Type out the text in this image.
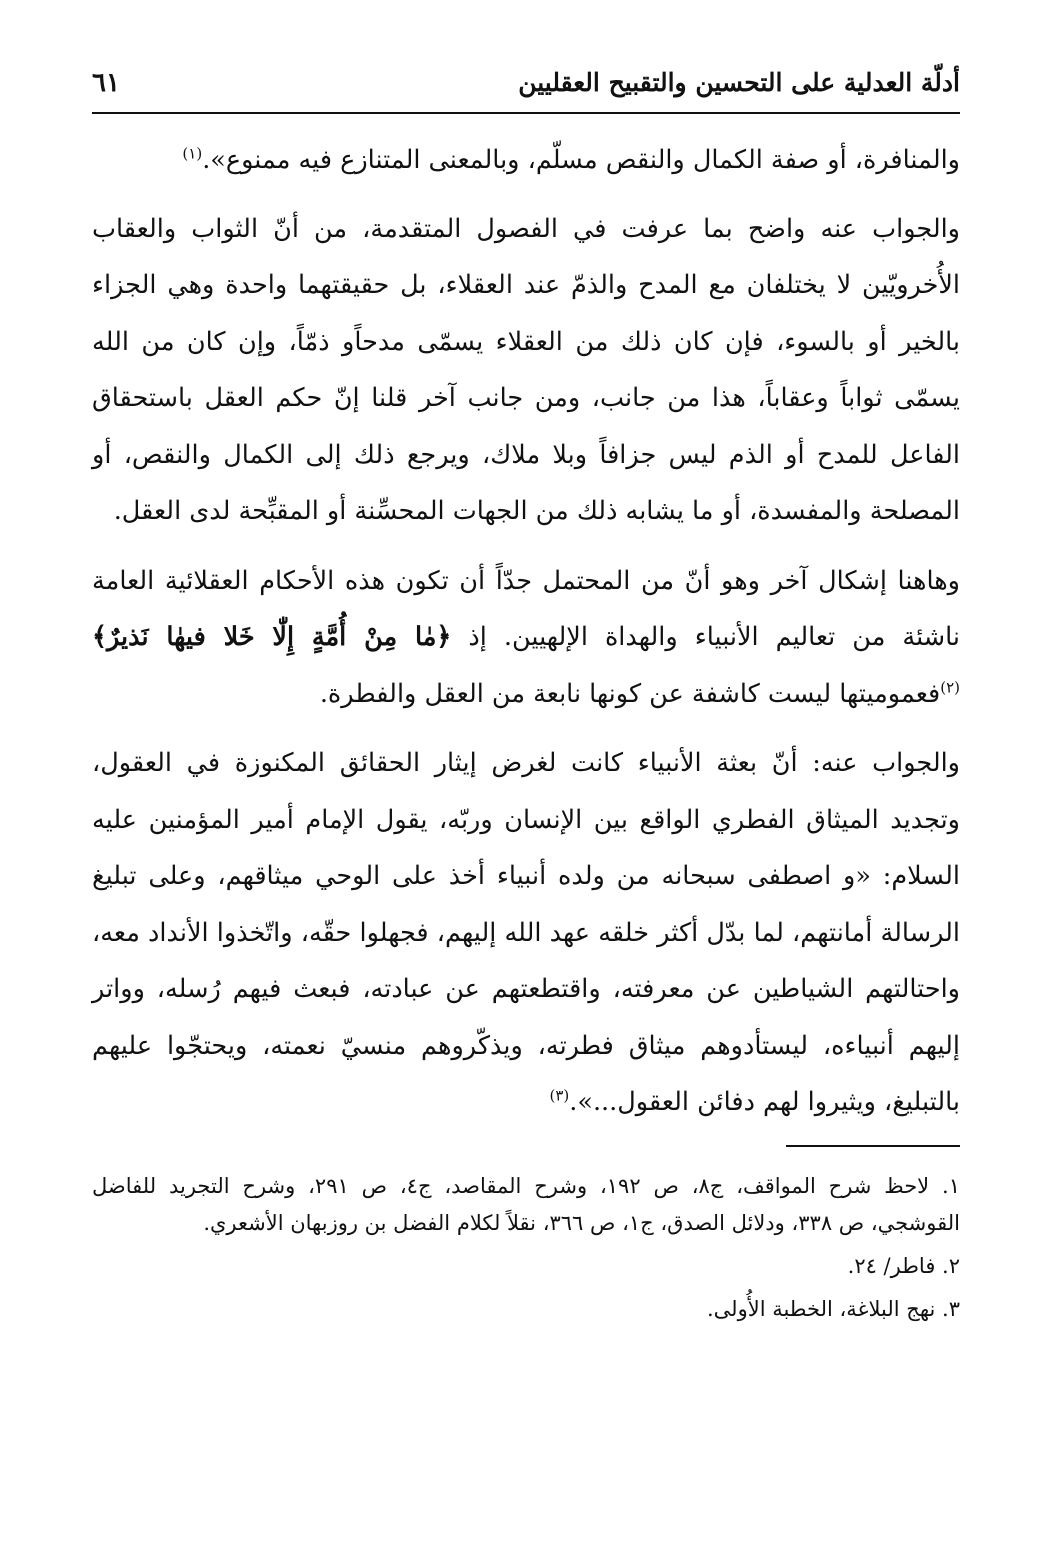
أدلّة العدلية على التحسين والتقبيح العقليين
٦١

والمنافرة، أو صفة الكمال والنقص مسلّم، وبالمعنى المتنازع فيه ممنوع».$^{(١)}$

والجواب عنه واضح بما عرفت في الفصول المتقدمة، من أنّ الثواب والعقاب الأُخرويّين لا يختلفان مع المدح والذمّ عند العقلاء، بل حقيقتهما واحدة وهي الجزاء بالخير أو بالسوء، فإن كان ذلك من العقلاء يسمّى مدحاًو ذمّاً، وإن كان من الله يسمّى ثواباً وعقاباً، هذا من جانب، ومن جانب آخر قلنا إنّ حكم العقل باستحقاق الفاعل للمدح أو الذم ليس جزافاً وبلا ملاك، ويرجع ذلك إلى الكمال والنقص، أو المصلحة والمفسدة، أو ما يشابه ذلك من الجهات المحسِّنة أو المقبِّحة لدى العقل.

وهاهنا إشكال آخر وهو أنّ من المحتمل جدّاً أن تكون هذه الأحكام العقلائية العامة ناشئة من تعاليم الأنبياء والهداة الإلهيين. إذ ﴿مٰا مِنْ أُمَّةٍ إِلّٰا خَلا فيهٰا نَذيرٌ﴾ $^{(٢)}$فعموميتها ليست كاشفة عن كونها نابعة من العقل والفطرة.

والجواب عنه: أنّ بعثة الأنبياء كانت لغرض إيثار الحقائق المكنوزة في العقول، وتجديد الميثاق الفطري الواقع بين الإنسان وربّه، يقول الإمام أمير المؤمنين عليه السلام: «و اصطفى سبحانه من ولده أنبياء أخذ على الوحي ميثاقهم، وعلى تبليغ الرسالة أمانتهم، لما بدّل أكثر خلقه عهد الله إليهم، فجهلوا حقّه، واتّخذوا الأنداد معه، واحتالتهم الشياطين عن معرفته، واقتطعتهم عن عبادته، فبعث فيهم رُسله، وواتر إليهم أنبياءه، ليستأدوهم ميثاق فطرته، ويذكّروهم منسيّ نعمته، ويحتجّوا عليهم بالتبليغ، ويثيروا لهم دفائن العقول...».$^{(٣)}$

١. لاحظ شرح المواقف، ج٨، ص ١٩٢، وشرح المقاصد، ج٤، ص ٢٩١، وشرح التجريد للفاضل القوشجي، ص ٣٣٨، ودلائل الصدق، ج١، ص ٣٦٦، نقلاً لكلام الفضل بن روزبهان الأشعري.

٢. فاطر/ ٢٤.

٣. نهج البلاغة، الخطبة الأُولى.
